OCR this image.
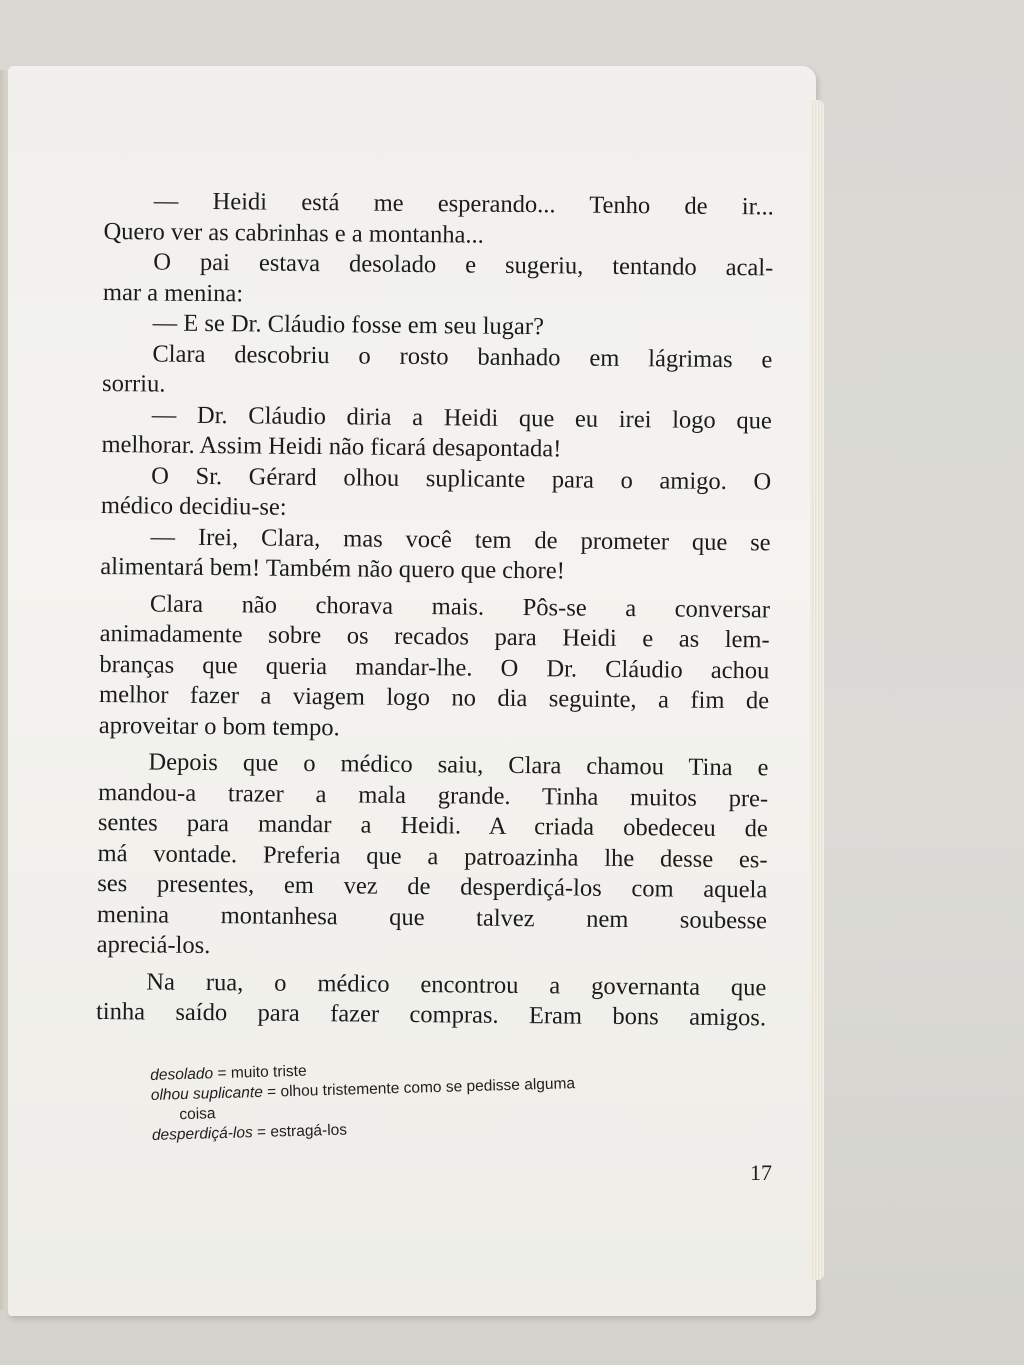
— Heidi está me esperando... Tenho de ir...
Quero ver as cabrinhas e a montanha...
O pai estava desolado e sugeriu, tentando acal-
mar a menina:
— E se Dr. Cláudio fosse em seu lugar?
Clara descobriu o rosto banhado em lágrimas e
sorriu.
— Dr. Cláudio diria a Heidi que eu irei logo que
melhorar. Assim Heidi não ficará desapontada!
O Sr. Gérard olhou suplicante para o amigo. O
médico decidiu-se:
— Irei, Clara, mas você tem de prometer que se
alimentará bem! Também não quero que chore!
Clara não chorava mais. Pôs-se a conversar
animadamente sobre os recados para Heidi e as lem-
branças que queria mandar-lhe. O Dr. Cláudio achou
melhor fazer a viagem logo no dia seguinte, a fim de
aproveitar o bom tempo.
Depois que o médico saiu, Clara chamou Tina e
mandou-a trazer a mala grande. Tinha muitos pre-
sentes para mandar a Heidi. A criada obedeceu de
má vontade. Preferia que a patroazinha lhe desse es-
ses presentes, em vez de desperdiçá-los com aquela
menina montanhesa que talvez nem soubesse
apreciá-los.
Na rua, o médico encontrou a governanta que
tinha saído para fazer compras. Eram bons amigos.
desolado = muito triste
olhou suplicante = olhou tristemente como se pedisse alguma
coisa
desperdiçá-los = estragá-los
17
